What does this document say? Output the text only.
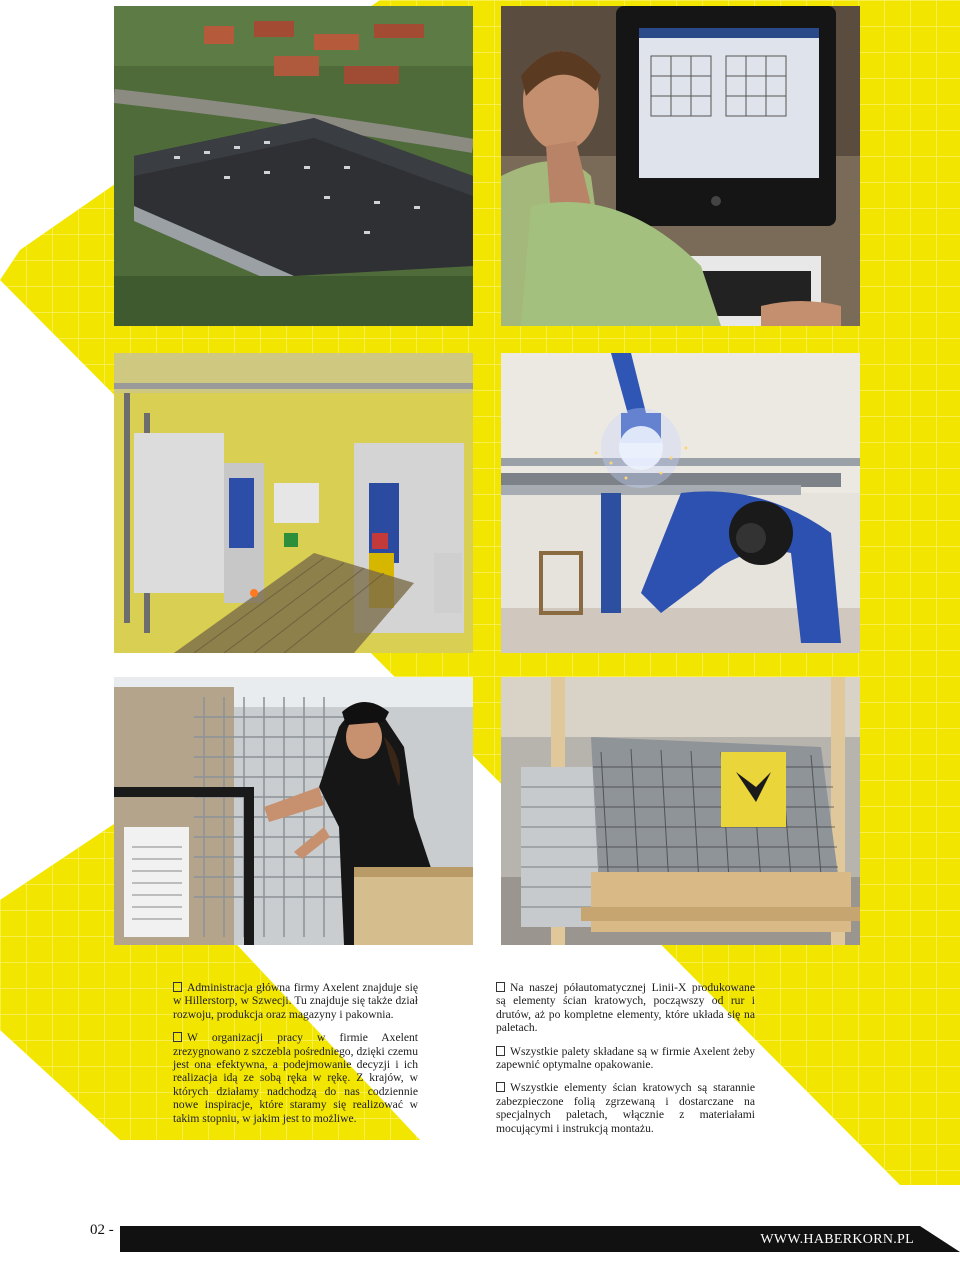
Administracja główna firmy Axelent znajduje się w Hillerstorp, w Szwecji. Tu znajduje się także dział rozwoju, produkcja oraz magazyny i pakownia.

W organizacji pracy w firmie Axelent zrezygnowano z szczebla pośredniego, dzięki czemu jest ona efektywna, a podejmowanie decyzji i ich realizacja idą ze sobą ręka w rękę. Z krajów, w których działamy nadchodzą do nas codziennie nowe inspiracje, które staramy się realizować w takim stopniu, w jakim jest to możliwe.

Na naszej półautomatycznej Linii-X produkowane są elementy ścian kratowych, począwszy od rur i drutów, aż po kompletne elementy, które układa się na paletach.

Wszystkie palety składane są w firmie Axelent żeby zapewnić optymalne opakowanie.

Wszystkie elementy ścian kratowych są starannie zabezpieczone folią zgrzewaną i dostarczane na specjalnych paletach, włącznie z materiałami mocującymi i instrukcją montażu.

02 -
WWW.HABERKORN.PL
